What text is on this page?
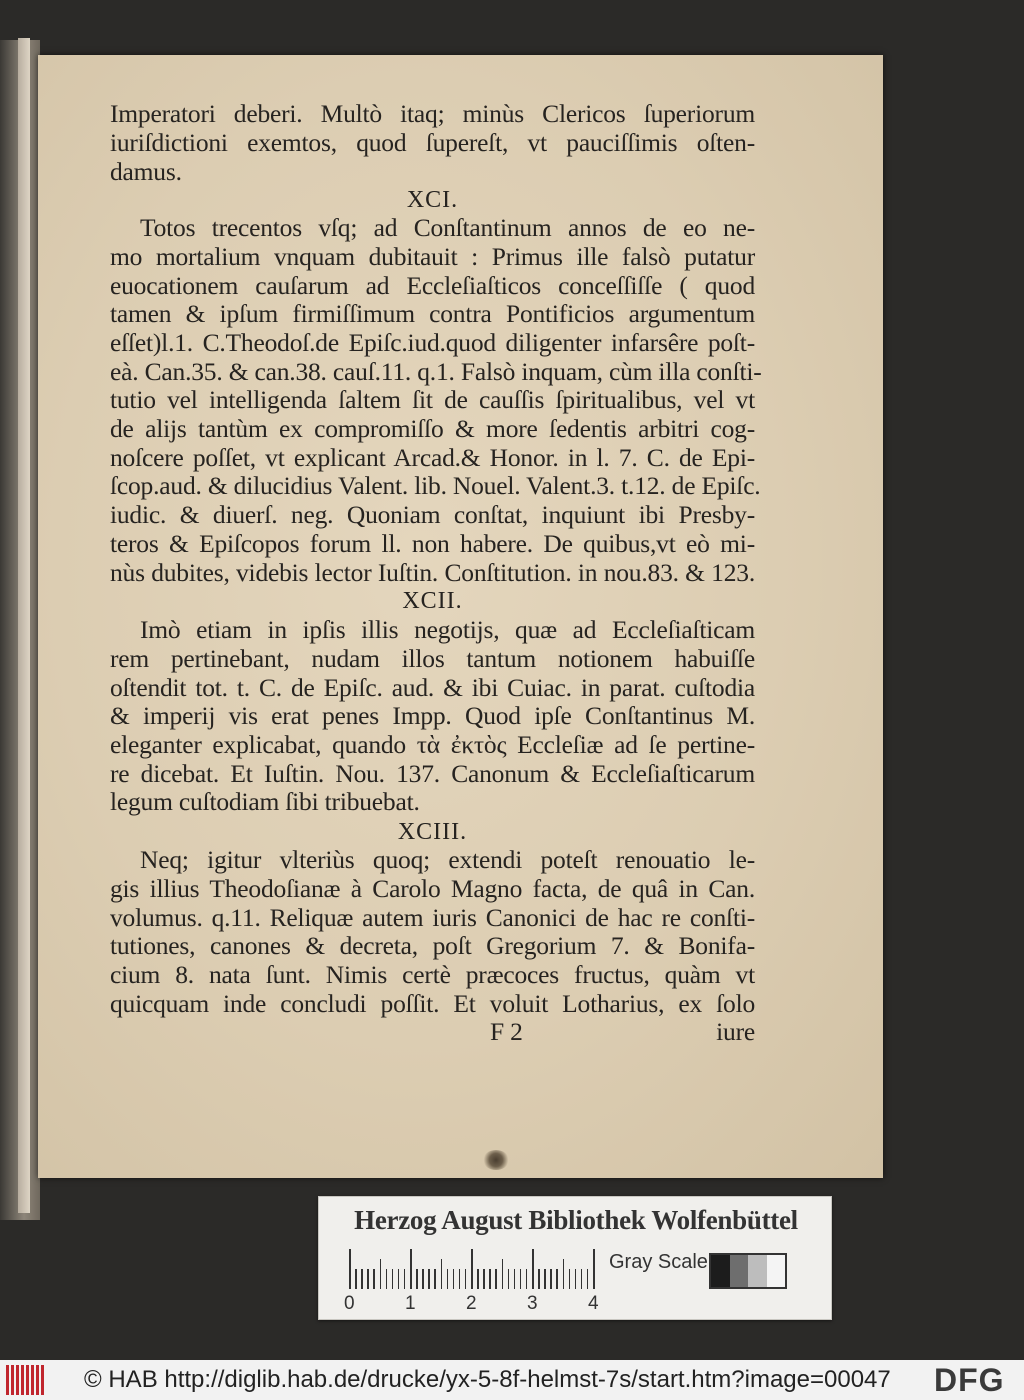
Imperatori deberi. Multò itaq; minùs Clericos ſuperiorum
iuriſdictioni exemtos, quod ſupereſt, vt pauciſſimis oſten-
damus.
XCI.
Totos trecentos vſq; ad Conſtantinum annos de eo ne-
mo mortalium vnquam dubitauit : Primus ille falsò putatur
euocationem cauſarum ad Eccleſiaſticos conceſſiſſe ( quod
tamen & ipſum firmiſſimum contra Pontificios argumentum
eſſet)l.1. C.Theodoſ.de Epiſc.iud.quod diligenter infarsêre poſt-
eà. Can.35. & can.38. cauſ.11. q.1. Falsò inquam, cùm illa conſti-
tutio vel intelligenda ſaltem ſit de cauſſis ſpiritualibus, vel vt
de alijs tantùm ex compromiſſo & more ſedentis arbitri cog-
noſcere poſſet, vt explicant Arcad.& Honor. in l. 7. C. de Epi-
ſcop.aud. & dilucidius Valent. lib. Nouel. Valent.3. t.12. de Epiſc.
iudic. & diuerſ. neg. Quoniam conſtat, inquiunt ibi Presby-
teros & Epiſcopos forum ll. non habere. De quibus,vt eò mi-
nùs dubites, videbis lector Iuſtin. Conſtitution. in nou.83. & 123.
XCII.
Imò etiam in ipſis illis negotijs, quæ ad Eccleſiaſticam
rem pertinebant, nudam illos tantum notionem habuiſſe
oſtendit tot. t. C. de Epiſc. aud. & ibi Cuiac. in parat. cuſtodia
& imperij vis erat penes Impp. Quod ipſe Conſtantinus M.
eleganter explicabat, quando τὰ ἐκτὸς Eccleſiæ ad ſe pertine-
re dicebat. Et Iuſtin. Nou. 137. Canonum & Eccleſiaſticarum
legum cuſtodiam ſibi tribuebat.
XCIII.
Neq; igitur vlteriùs quoq; extendi poteſt renouatio le-
gis illius Theodoſianæ à Carolo Magno facta, de quâ in Can.
volumus. q.11. Reliquæ autem iuris Canonici de hac re conſti-
tutiones, canones & decreta, poſt Gregorium 7. & Bonifa-
cium 8. nata ſunt. Nimis certè præcoces fructus, quàm vt
quicquam inde concludi poſſit. Et voluit Lotharius, ex ſolo
F 2	iure
Herzog August Bibliothek Wolfenbüttel
0	1	2	3	4
Gray Scale
© HAB http://diglib.hab.de/drucke/yx-5-8f-helmst-7s/start.htm?image=00047 DFG
